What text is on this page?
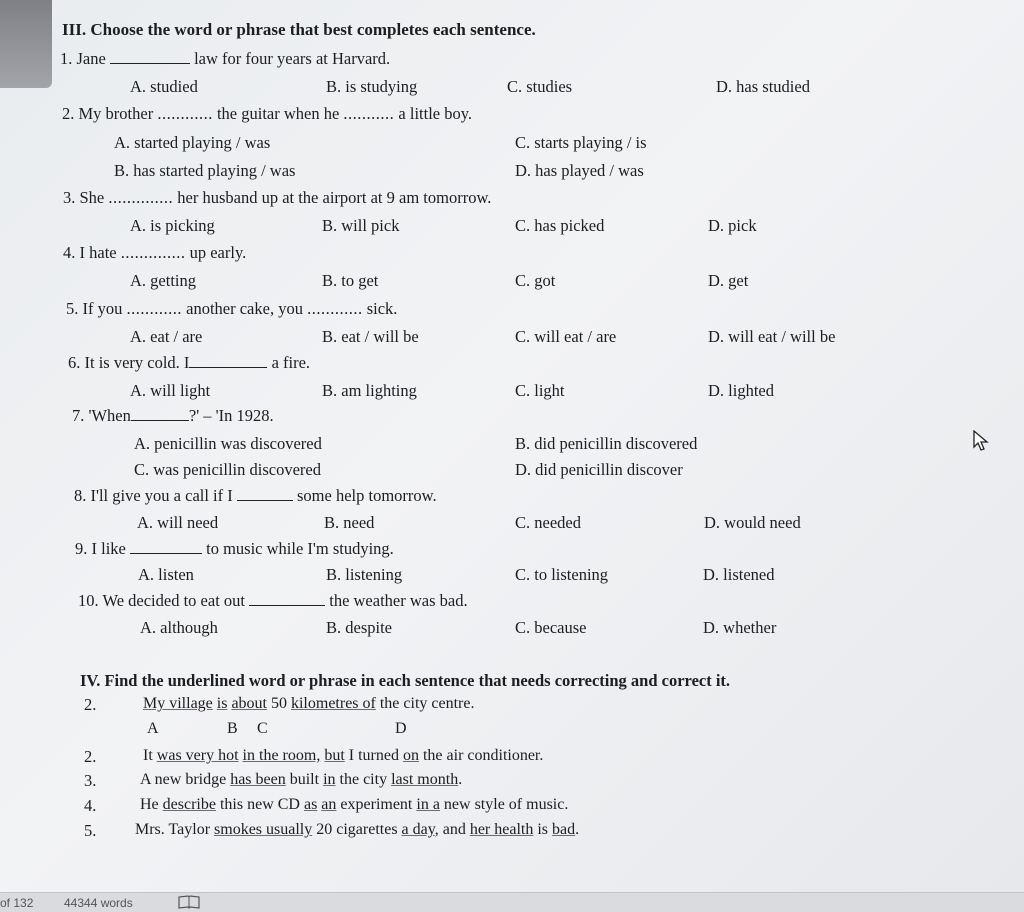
III. Choose the word or phrase that best completes each sentence.
1. Jane	law for four years at Harvard.
A. studied	B. is studying	C. studies	D. has studied
2. My brother ............ the guitar when he ........... a little boy.
A. started playing / was	C. starts playing / is
B. has started playing / was	D. has played / was
3. She .............. her husband up at the airport at 9 am tomorrow.
A. is picking	B. will pick	C. has picked	D. pick
4. I hate .............. up early.
A. getting	B. to get	C. got	D. get
5. If you ............ another cake, you ............ sick.
A. eat / are	B. eat / will be	C. will eat / are	D. will eat / will be
6. It is very cold. I	a fire.
A. will light	B. am lighting	C. light	D. lighted
7. 'When	?' – 'In 1928.
A. penicillin was discovered	B. did penicillin discovered
C. was penicillin discovered	D. did penicillin discover
8. I'll give you a call if I	some help tomorrow.
A. will need	B. need	C. needed	D. would need
9. I like	to music while I'm studying.
A. listen	B. listening	C. to listening	D. listened
10. We decided to eat out	the weather was bad.
A. although	B. despite	C. because	D. whether
IV. Find the underlined word or phrase in each sentence that needs correcting and correct it.
2.	My village is about 50 kilometres of the city centre.
A	B C	D
2.	It was very hot in the room, but I turned on the air conditioner.
3.	A new bridge has been built in the city last month.
4.	He describe this new CD as an experiment in a new style of music.
5. Mrs. Taylor smokes usually 20 cigarettes a day, and her health is bad.
of 132	44344 words
